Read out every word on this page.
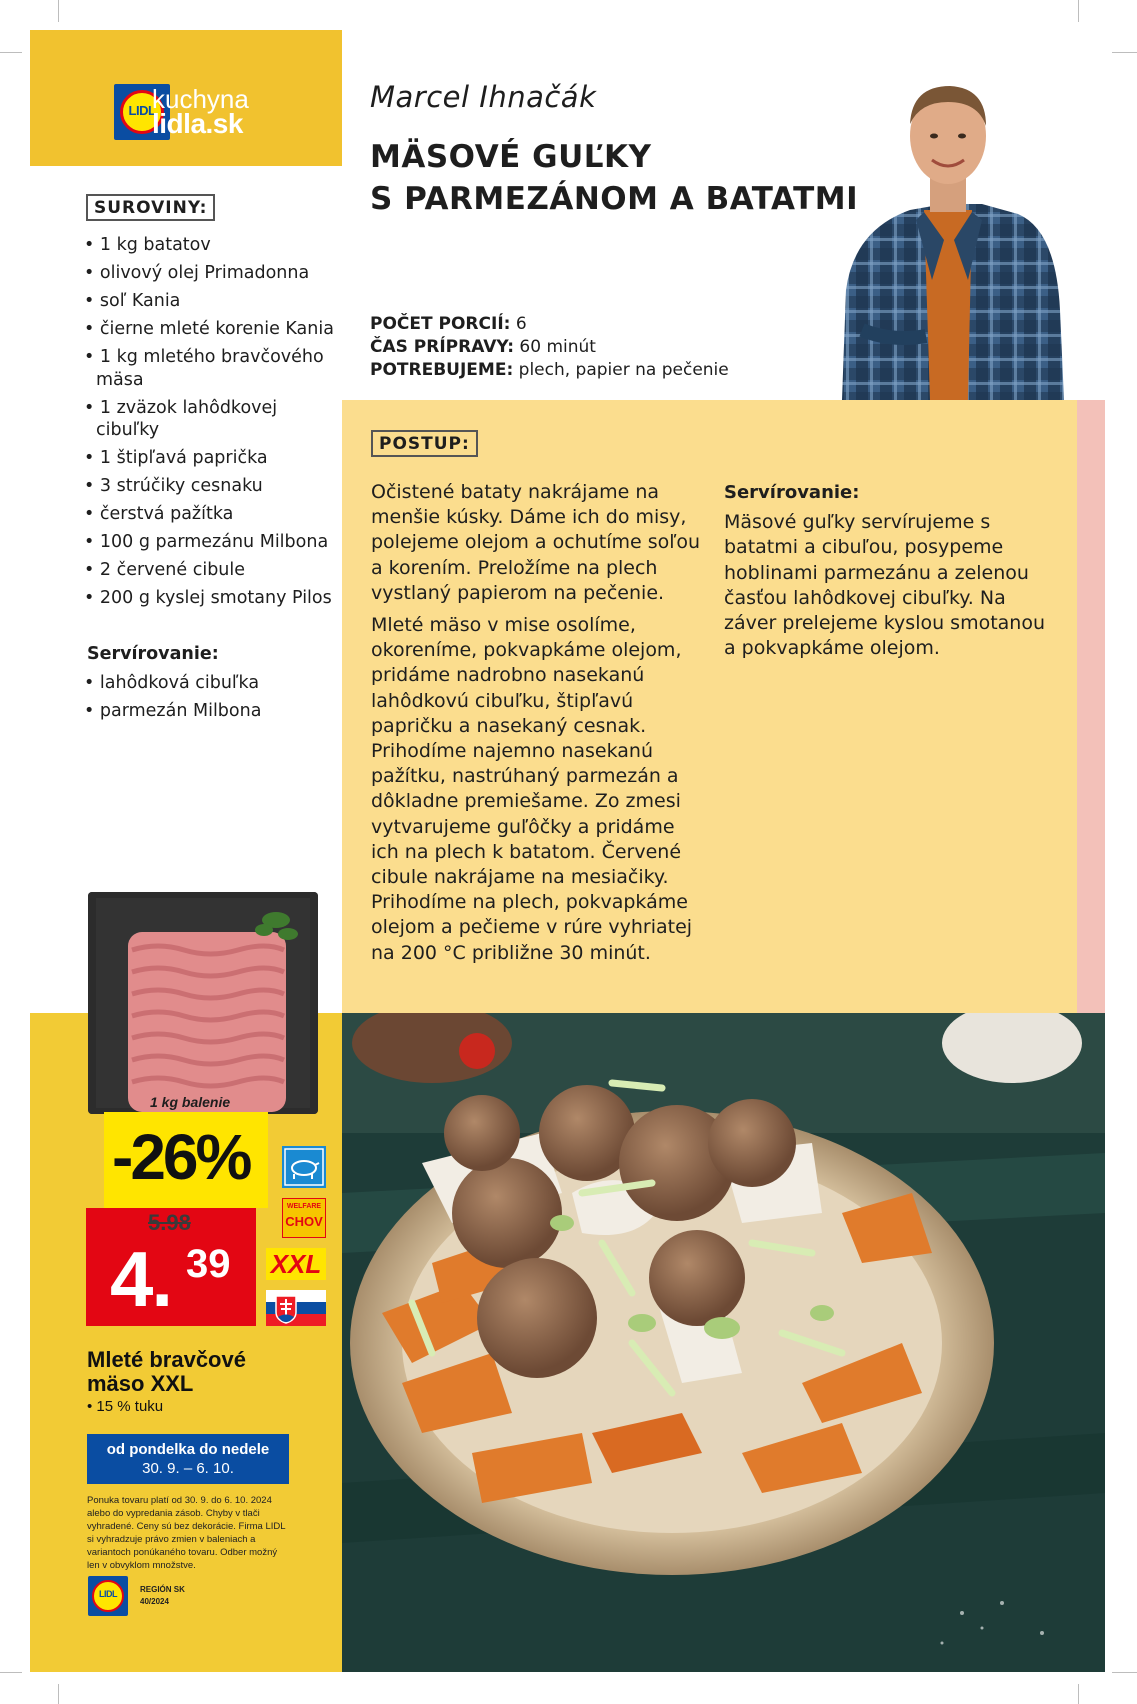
LIDL
kuchyna
lidla.sk
SUROVINY:
• 1 kg batatov
• olivový olej Primadonna
• soľ Kania
• čierne mleté korenie Kania
• 1 kg mletého bravčového mäsa
• 1 zväzok lahôdkovej cibuľky
• 1 štipľavá paprička
• 3 strúčiky cesnaku
• čerstvá pažítka
• 100 g parmezánu Milbona
• 2 červené cibule
• 200 g kyslej smotany Pilos
Servírovanie:
• lahôdková cibuľka
• parmezán Milbona
Marcel Ihnačák
MÄSOVÉ GUĽKY
S PARMEZÁNOM A BATATMI
POČET PORCIÍ: 6
ČAS PRÍPRAVY: 60 minút
POTREBUJEME: plech, papier na pečenie
POSTUP:

Očistené bataty nakrájame na menšie kúsky. Dáme ich do misy, polejeme olejom a ochutíme soľou a korením. Preložíme na plech vystlaný papierom na pečenie.

Mleté mäso v mise osolíme, okoreníme, pokvapkáme olejom, pridáme nadrobno nasekanú lahôdkovú cibuľku, štipľavú papričku a nasekaný cesnak. Prihodíme najemno nasekanú pažítku, nastrúhaný parmezán a dôkladne premiešame. Zo zmesi vytvarujeme guľôčky a pridáme ich na plech k batatom. Červené cibule nakrájame na mesiačiky. Prihodíme na plech, pokvapkáme olejom a pečieme v rúre vyhriatej na 200 °C približne 30 minút.

Servírovanie:

Mäsové guľky servírujeme s batatmi a cibuľou, posypeme hoblinami parmezánu a zelenou časťou lahôdkovej cibuľky. Na záver prelejeme kyslou smotanou a pokvapkáme olejom.

1 kg balenie
-26%
5.98
4. 39
WELFARE
CHOV
XXL
Mleté bravčové
mäso XXL
• 15 % tuku
od pondelka do nedele
30. 9. – 6. 10.
Ponuka tovaru platí od 30. 9. do 6. 10. 2024 alebo do vypredania zásob. Chyby v tlači vyhradené. Ceny sú bez dekorácie. Firma LIDL si vyhradzuje právo zmien v baleniach a variantoch ponúkaného tovaru. Odber možný len v obvyklom množstve.
LIDL	REGIÓN SK
40/2024
